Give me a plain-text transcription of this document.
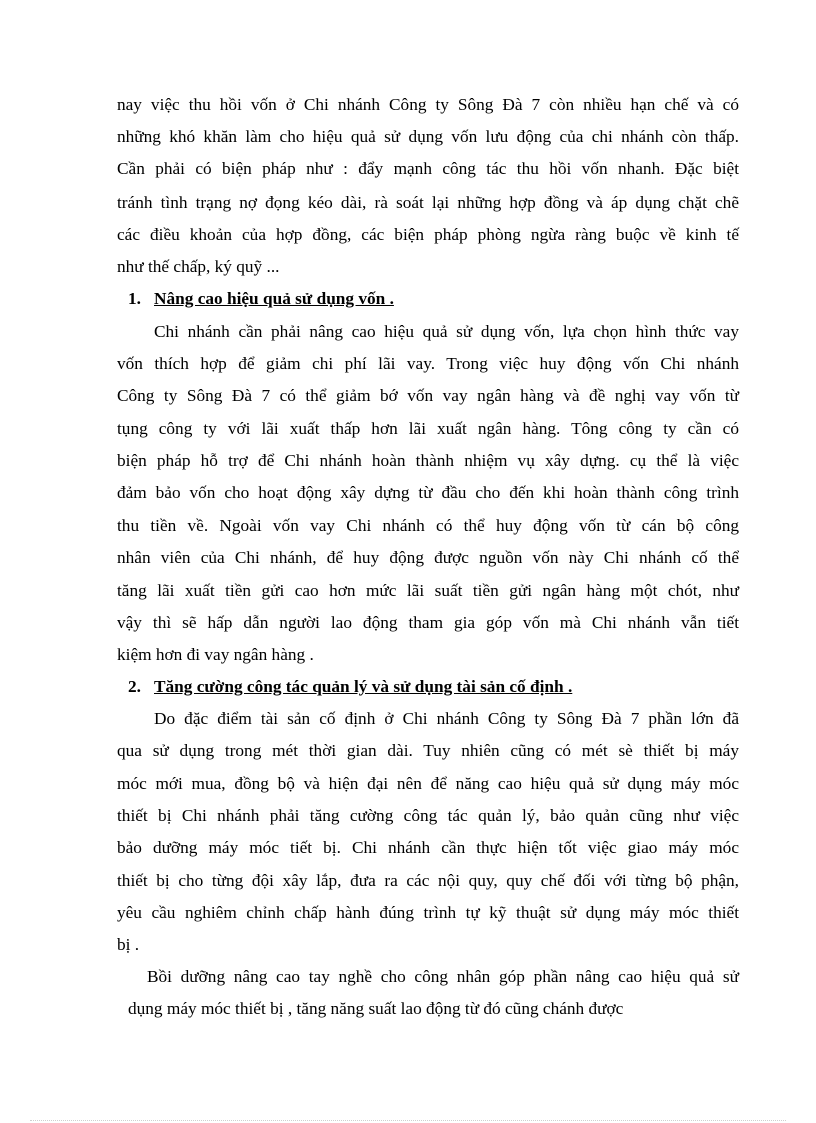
nay việc thu hồi vốn ở Chi nhánh Công ty Sông Đà 7 còn nhiều hạn chế và có
những khó khăn làm cho hiệu quả sử dụng vốn lưu động của chi nhánh còn thấp.
Cần phải có biện pháp như : đẩy mạnh công tác thu hồi vốn nhanh. Đặc biệt
tránh tình trạng nợ đọng kéo dài, rà soát lại những hợp đồng và áp dụng chặt chẽ
các điều khoản của hợp đồng, các biện pháp phòng ngừa ràng buộc về kinh tế
như thế chấp, ký quỹ ...
1. Nâng cao hiệu quả sử dụng vốn .
Chi nhánh cần phải nâng cao hiệu quả sử dụng vốn, lựa chọn hình thức vay
vốn thích hợp để giảm chi phí lãi vay. Trong việc huy động vốn Chi nhánh
Công ty Sông Đà 7 có thể giảm bớ vốn vay ngân hàng và đề nghị vay vốn từ
tụng công ty với lãi xuất thấp hơn lãi xuất ngân hàng. Tông công ty cần có
biện pháp hỗ trợ để Chi nhánh hoàn thành nhiệm vụ xây dựng. cụ thể là việc
đảm bảo vốn cho hoạt động xây dựng từ đầu cho đến khi hoàn thành công trình
thu tiền về. Ngoài vốn vay Chi nhánh có thể huy động vốn từ cán bộ công
nhân viên của Chi nhánh, để huy động được nguồn vốn này Chi nhánh cố thể
tăng lãi xuất tiền gửi cao hơn mức lãi suất tiền gửi ngân hàng một chót, như
vậy thì sẽ hấp dẫn người lao động tham gia góp vốn mà Chi nhánh vẫn tiết
kiệm hơn đi vay ngân hàng .
2. Tăng cường công tác quản lý và sử dụng tài sản cố định .
Do đặc điểm tài sản cố định ở Chi nhánh Công ty Sông Đà 7 phần lớn đã
qua sử dụng trong mét thời gian dài. Tuy nhiên cũng có mét sè thiết bị máy
móc mới mua, đồng bộ và hiện đại nên để năng cao hiệu quả sử dụng máy móc
thiết bị Chi nhánh phải tăng cường công tác quản lý, bảo quản cũng như việc
bảo dưỡng máy móc tiết bị. Chi nhánh cần thực hiện tốt việc giao máy móc
thiết bị cho từng đội xây lắp, đưa ra các nội quy, quy chế đối với từng bộ phận,
yêu cầu nghiêm chỉnh chấp hành đúng trình tự kỹ thuật sử dụng máy móc thiết
bị .
Bồi dưỡng nâng cao tay nghề cho công nhân góp phần nâng cao hiệu quả sử
dụng máy móc thiết bị , tăng năng suất lao động từ đó cũng chánh được
